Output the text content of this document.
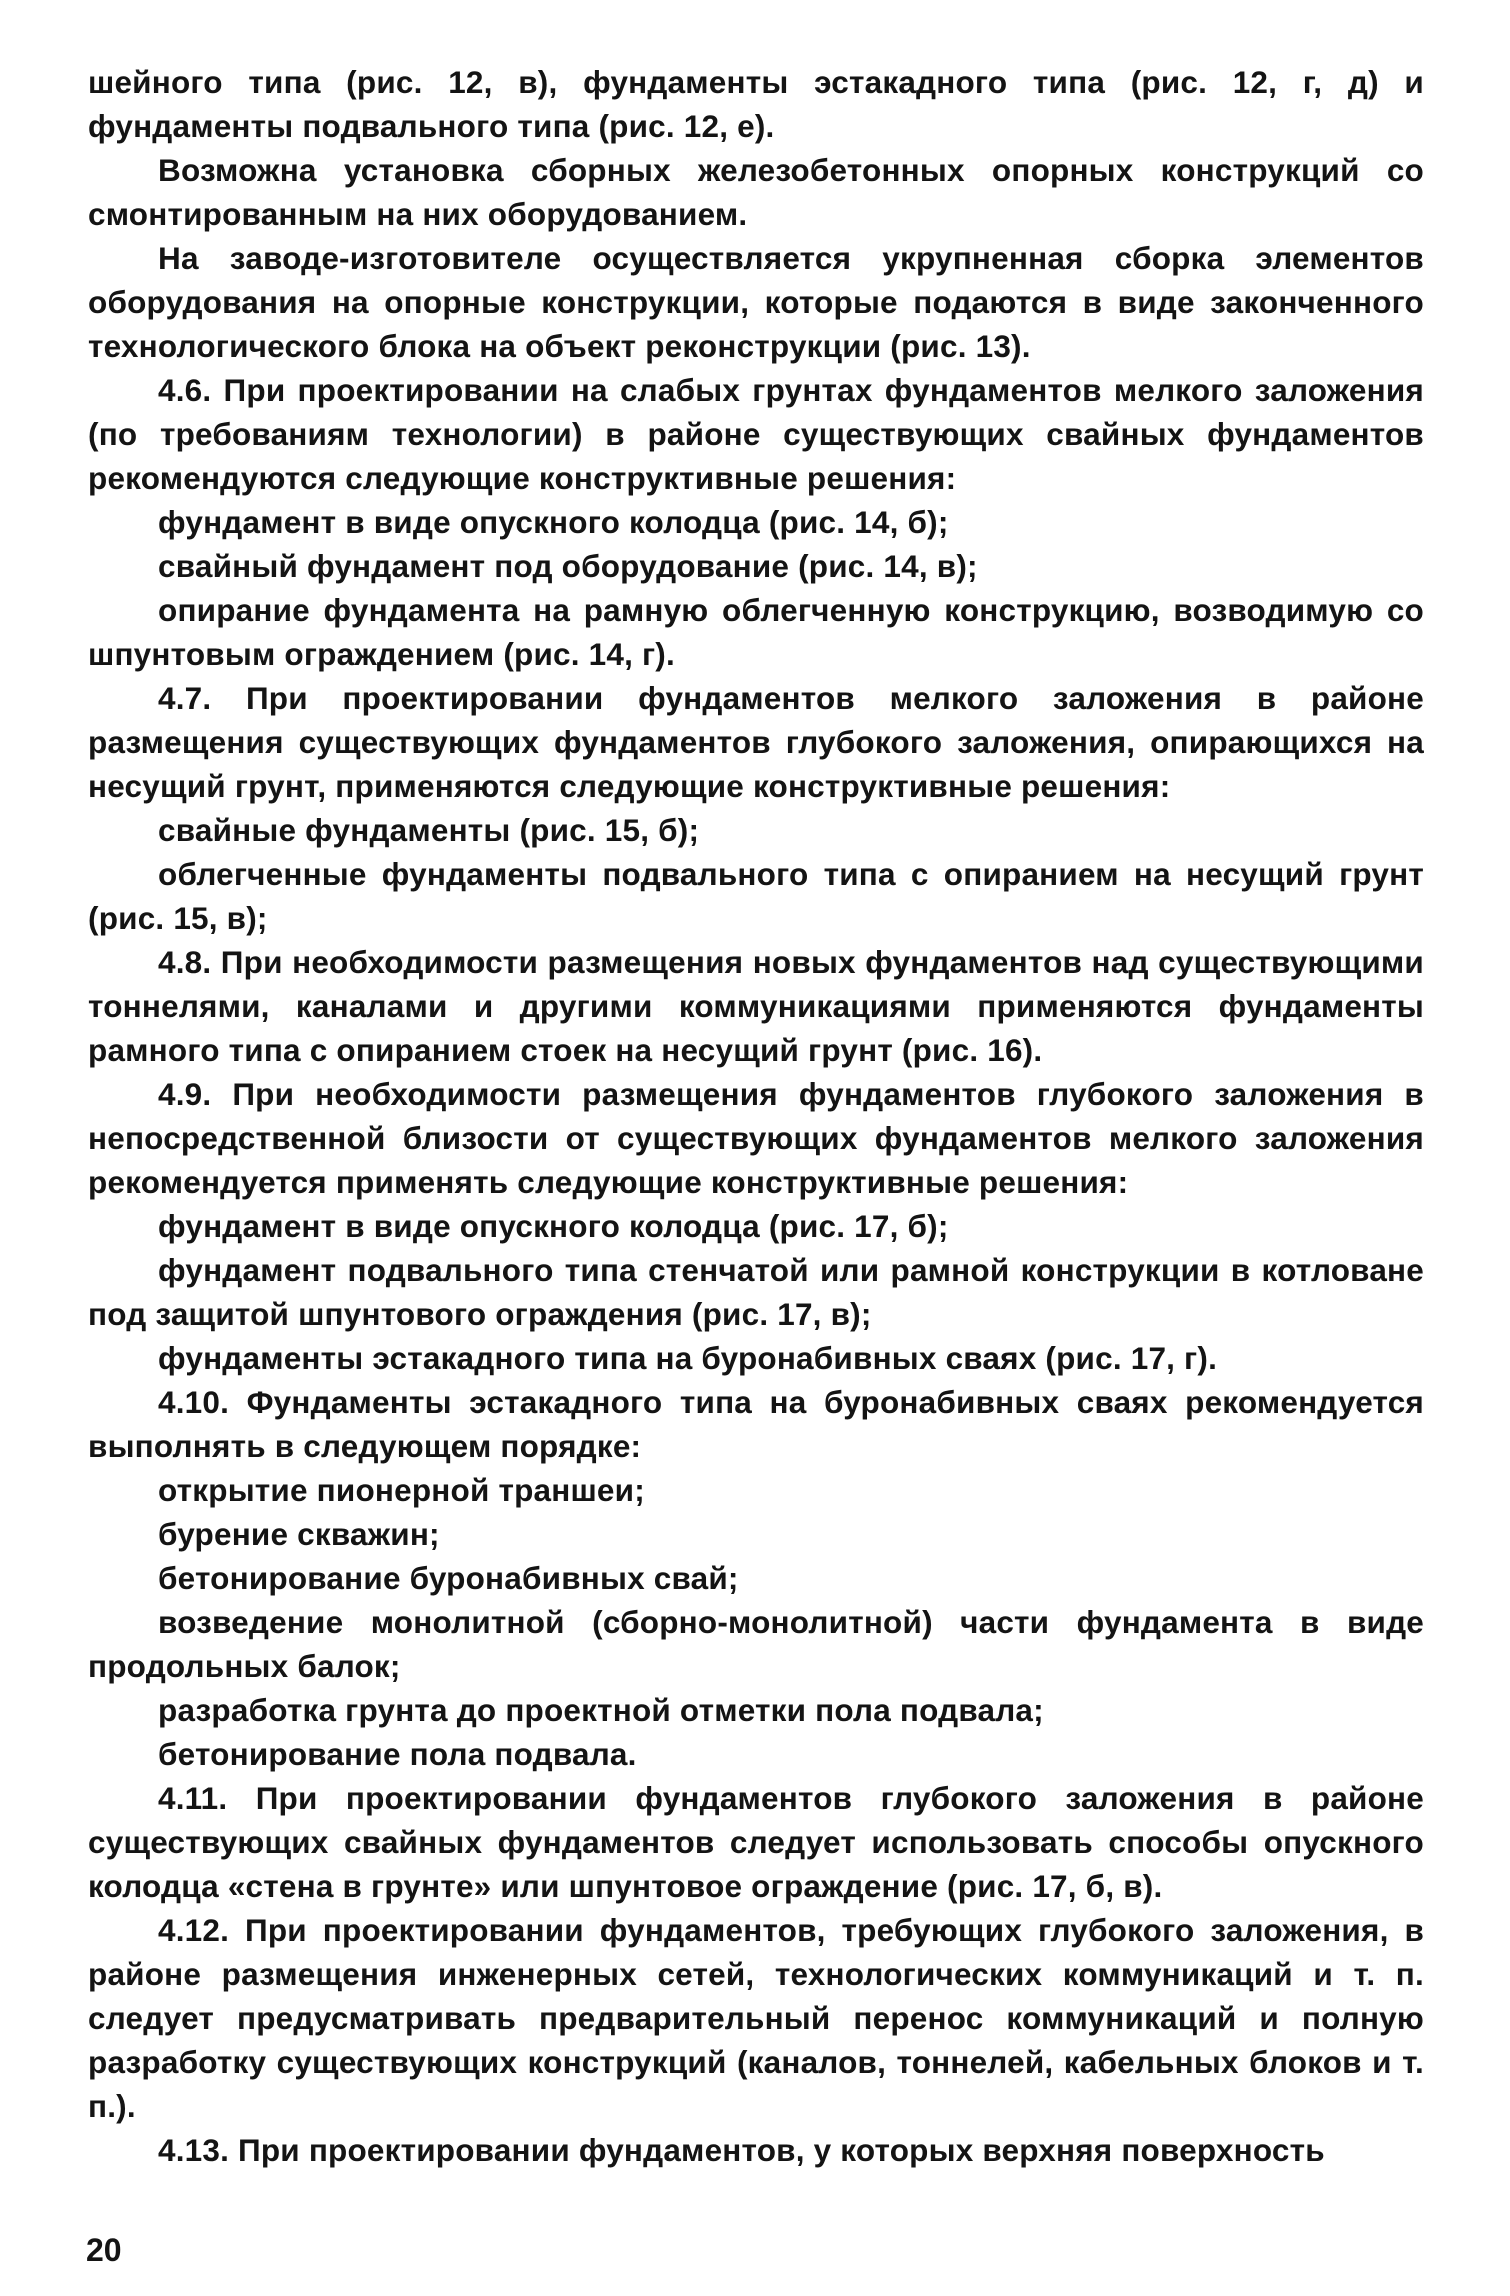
шейного типа (рис. 12, в), фундаменты эстакадного типа (рис. 12, г, д) и фундаменты подвального типа (рис. 12, е).

Возможна установка сборных железобетонных опорных конструкций со смонтированным на них оборудованием.

На заводе-изготовителе осуществляется укрупненная сборка элементов оборудования на опорные конструкции, которые подаются в виде законченного технологического блока на объект реконструкции (рис. 13).

4.6. При проектировании на слабых грунтах фундаментов мелкого заложения (по требованиям технологии) в районе существующих свайных фундаментов рекомендуются следующие конструктивные решения:

фундамент в виде опускного колодца (рис. 14, б);

свайный фундамент под оборудование (рис. 14, в);

опирание фундамента на рамную облегченную конструкцию, возводимую со шпунтовым ограждением (рис. 14, г).

4.7. При проектировании фундаментов мелкого заложения в районе размещения существующих фундаментов глубокого заложения, опирающихся на несущий грунт, применяются следующие конструктивные решения:

свайные фундаменты (рис. 15, б);

облегченные фундаменты подвального типа с опиранием на несущий грунт (рис. 15, в);

4.8. При необходимости размещения новых фундаментов над существующими тоннелями, каналами и другими коммуникациями применяются фундаменты рамного типа с опиранием стоек на несущий грунт (рис. 16).

4.9. При необходимости размещения фундаментов глубокого заложения в непосредственной близости от существующих фундаментов мелкого заложения рекомендуется применять следующие конструктивные решения:

фундамент в виде опускного колодца (рис. 17, б);

фундамент подвального типа стенчатой или рамной конструкции в котловане под защитой шпунтового ограждения (рис. 17, в);

фундаменты эстакадного типа на буронабивных сваях (рис. 17, г).

4.10. Фундаменты эстакадного типа на буронабивных сваях рекомендуется выполнять в следующем порядке:

открытие пионерной траншеи;

бурение скважин;

бетонирование буронабивных свай;

возведение монолитной (сборно-монолитной) части фундамента в виде продольных балок;

разработка грунта до проектной отметки пола подвала;

бетонирование пола подвала.

4.11. При проектировании фундаментов глубокого заложения в районе существующих свайных фундаментов следует использовать способы опускного колодца «стена в грунте» или шпунтовое ограждение (рис. 17, б, в).

4.12. При проектировании фундаментов, требующих глубокого заложения, в районе размещения инженерных сетей, технологических коммуникаций и т. п. следует предусматривать предварительный перенос коммуникаций и полную разработку существующих конструкций (каналов, тоннелей, кабельных блоков и т. п.).

4.13. При проектировании фундаментов, у которых верхняя поверхность

20
